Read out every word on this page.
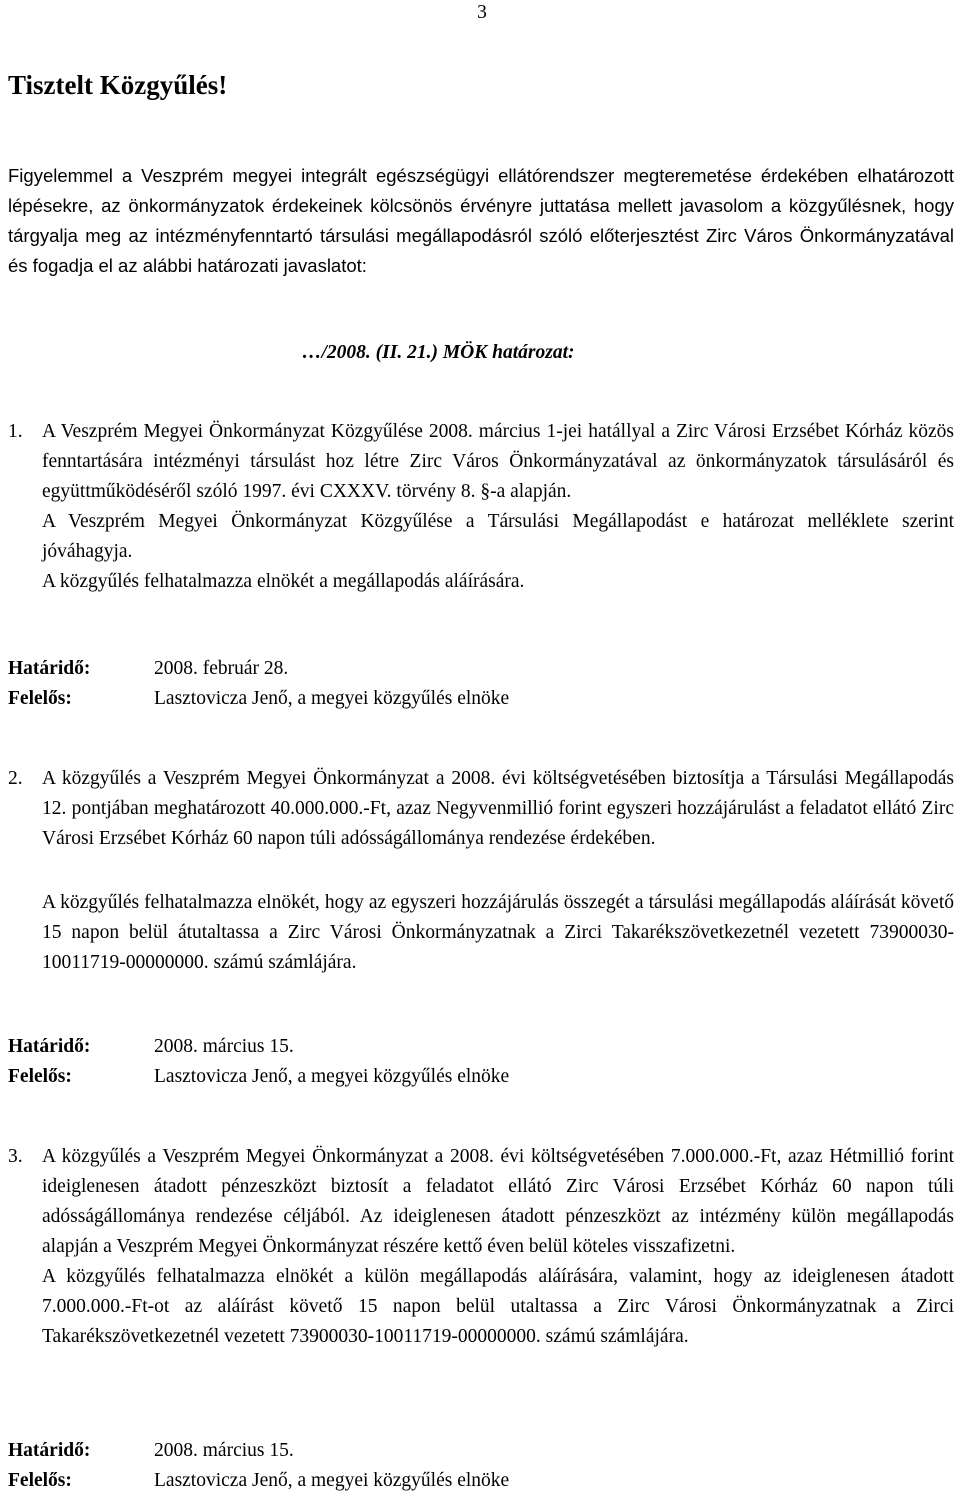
3
Tisztelt Közgyűlés!
Figyelemmel a Veszprém megyei integrált egészségügyi ellátórendszer megteremetése érdekében elhatározott lépésekre, az önkormányzatok érdekeinek kölcsönös érvényre juttatása mellett javasolom a közgyűlésnek, hogy tárgyalja meg az intézményfenntartó társulási megállapodásról szóló előterjesztést Zirc Város Önkormányzatával és fogadja el az alábbi határozati javaslatot:
…/2008. (II. 21.) MÖK határozat:
1. A Veszprém Megyei Önkormányzat Közgyűlése 2008. március 1-jei hatállyal a Zirc Városi Erzsébet Kórház közös fenntartására intézményi társulást hoz létre Zirc Város Önkormányzatával az önkormányzatok társulásáról és együttműködéséről szóló 1997. évi CXXXV. törvény 8. §-a alapján.

A Veszprém Megyei Önkormányzat Közgyűlése a Társulási Megállapodást e határozat melléklete szerint jóváhagyja.

A közgyűlés felhatalmazza elnökét a megállapodás aláírására.

Határidő:	2008. február 28.
Felelős:	Lasztovicza Jenő, a megyei közgyűlés elnöke
2. A közgyűlés a Veszprém Megyei Önkormányzat a 2008. évi költségvetésében biztosítja a Társulási Megállapodás 12. pontjában meghatározott 40.000.000.-Ft, azaz Negyvenmillió forint egyszeri hozzájárulást a feladatot ellátó Zirc Városi Erzsébet Kórház 60 napon túli adósságállománya rendezése érdekében.

A közgyűlés felhatalmazza elnökét, hogy az egyszeri hozzájárulás összegét a társulási megállapodás aláírását követő 15 napon belül átutaltassa a Zirc Városi Önkormányzatnak a Zirci Takarékszövetkezetnél vezetett 73900030-10011719-00000000. számú számlájára.
Határidő:	2008. március 15.
Felelős:	Lasztovicza Jenő, a megyei közgyűlés elnöke
3. A közgyűlés a Veszprém Megyei Önkormányzat a 2008. évi költségvetésében 7.000.000.-Ft, azaz Hétmillió forint ideiglenesen átadott pénzeszközt biztosít a feladatot ellátó Zirc Városi Erzsébet Kórház 60 napon túli adósságállománya rendezése céljából. Az ideiglenesen átadott pénzeszközt az intézmény külön megállapodás alapján a Veszprém Megyei Önkormányzat részére kettő éven belül köteles visszafizetni.

A közgyűlés felhatalmazza elnökét a külön megállapodás aláírására, valamint, hogy az ideiglenesen átadott 7.000.000.-Ft-ot az aláírást követő 15 napon belül utaltassa a Zirc Városi Önkormányzatnak a Zirci Takarékszövetkezetnél vezetett 73900030-10011719-00000000. számú számlájára.

Határidő:	2008. március 15.
Felelős:	Lasztovicza Jenő, a megyei közgyűlés elnöke
